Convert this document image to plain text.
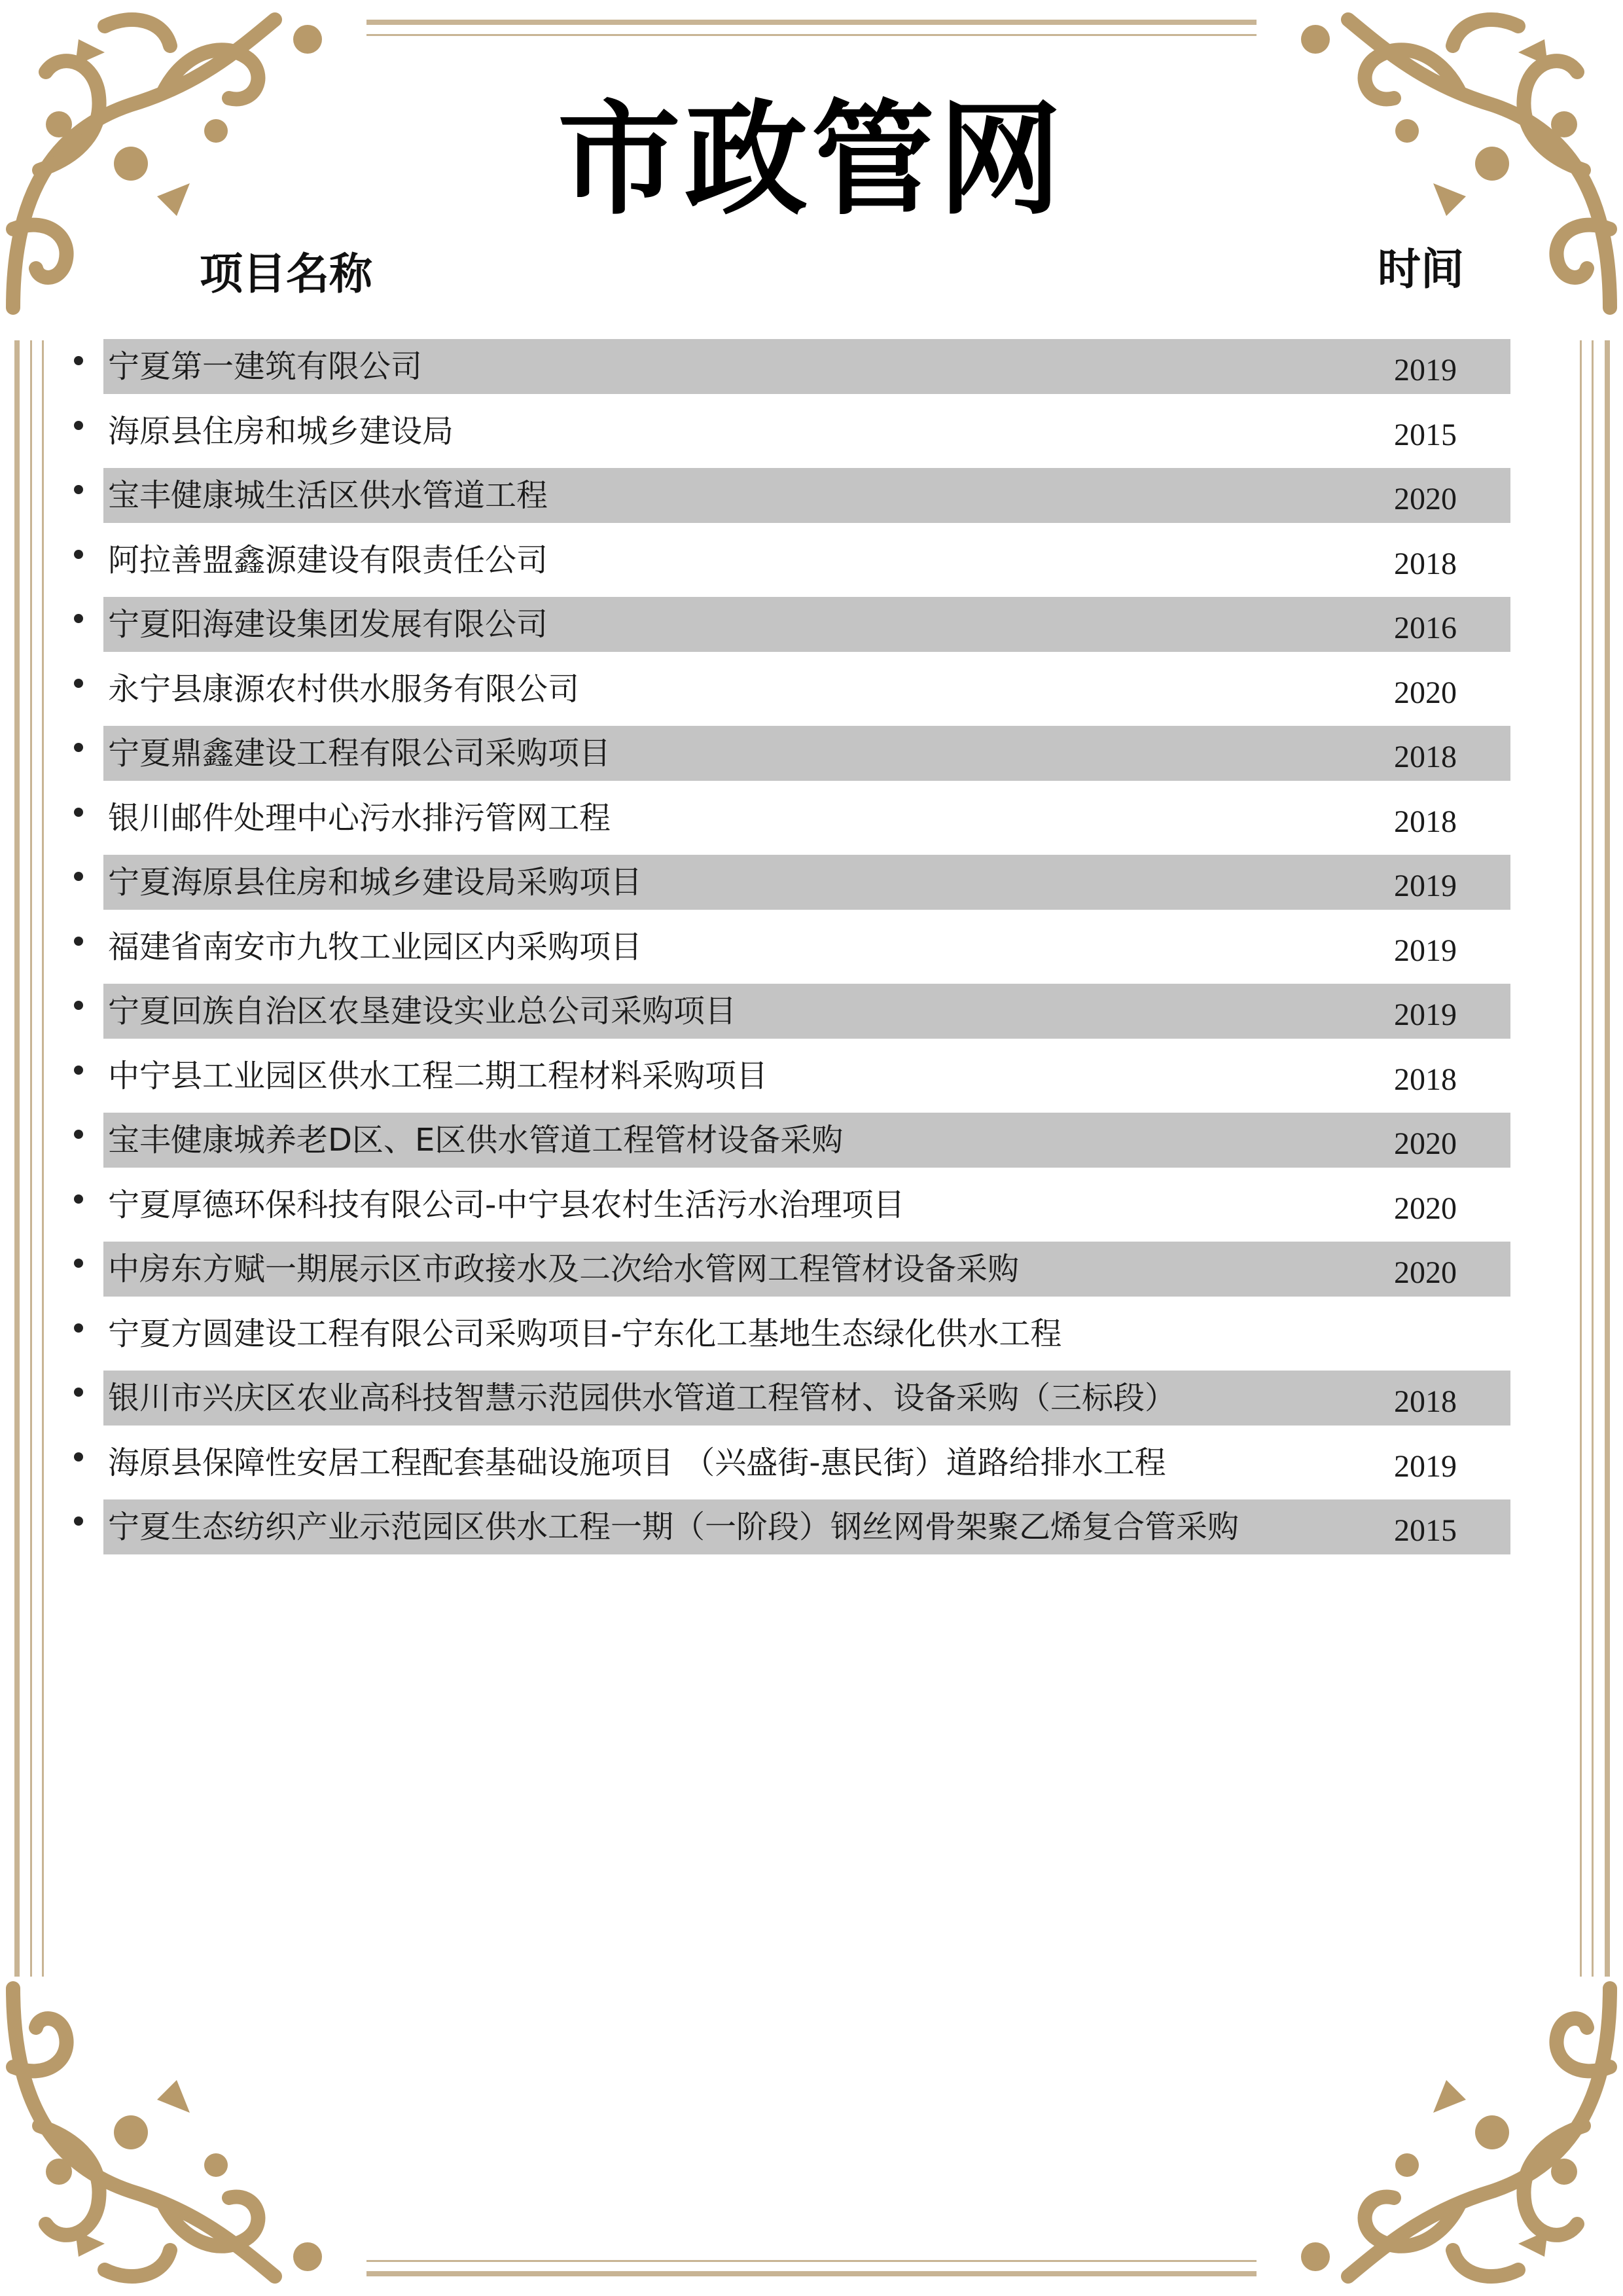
市政管网
项目名称	时间
宁夏第一建筑有限公司	2019
海原县住房和城乡建设局	2015
宝丰健康城生活区供水管道工程	2020
阿拉善盟鑫源建设有限责任公司	2018
宁夏阳海建设集团发展有限公司	2016
永宁县康源农村供水服务有限公司	2020
宁夏鼎鑫建设工程有限公司采购项目	2018
银川邮件处理中心污水排污管网工程	2018
宁夏海原县住房和城乡建设局采购项目	2019
福建省南安市九牧工业园区内采购项目	2019
宁夏回族自治区农垦建设实业总公司采购项目	2019
中宁县工业园区供水工程二期工程材料采购项目	2018
宝丰健康城养老D区、E区供水管道工程管材设备采购	2020
宁夏厚德环保科技有限公司-中宁县农村生活污水治理项目	2020
中房东方赋一期展示区市政接水及二次给水管网工程管材设备采购	2020
宁夏方圆建设工程有限公司采购项目-宁东化工基地生态绿化供水工程
银川市兴庆区农业高科技智慧示范园供水管道工程管材、设备采购（三标段）	2018
海原县保障性安居工程配套基础设施项目 （兴盛街-惠民街）道路给排水工程	2019
宁夏生态纺织产业示范园区供水工程一期（一阶段）钢丝网骨架聚乙烯复合管采购	2015
